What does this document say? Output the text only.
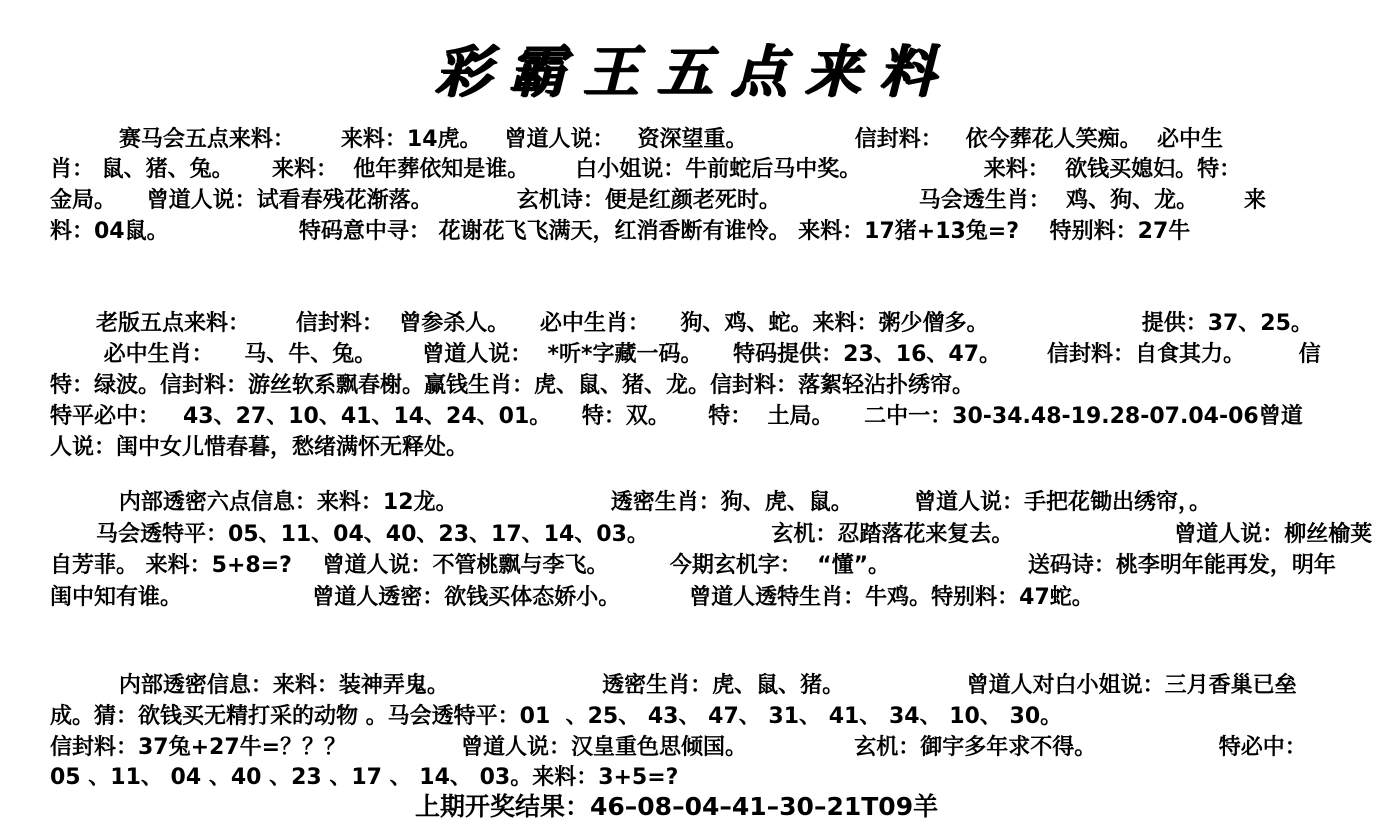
彩霸王五点来料
赛马会五点来料：      来料：14虎。   曾道人说：   资深望重。              信封料：   依今葬花人笑痴。  必中生
肖： 鼠、猪、兔。     来料：  他年葬依知是谁。      白小姐说：牛前蛇后马中奖。                来料：  欲钱买媳妇。特：
金局。    曾道人说：试看春残花渐落。           玄机诗：便是红颜老死时。                  马会透生肖：  鸡、狗、龙。      来
料：04鼠。                 特码意中寻： 花谢花飞飞满天，红消香断有谁怜。 来料：17猪+13兔=?    特别料：27牛
老版五点来料：      信封料：  曾参杀人。    必中生肖：    狗、鸡、蛇。来料：粥少僧多。                    提供：37、25。
必中生肖：    马、牛、兔。      曾道人说：  *听*字藏一码。    特码提供：23、16、47。      信封料：自食其力。       信
特：绿波。信封料：游丝软系飘春榭。赢钱生肖：虎、鼠、猪、龙。信封料：落絮轻沾扑绣帘。
特平必中：   43、27、10、41、14、24、01。    特：双。     特：  土局。    二中一：30-34.48-19.28-07.04-06曾道
人说：闺中女儿惜春暮，愁绪满怀无释处。
内部透密六点信息：来料：12龙。                    透密生肖：狗、虎、鼠。        曾道人说：手把花锄出绣帘，。
马会透特平：05、11、04、40、23、17、14、03。                玄机：忍踏落花来复去。                     曾道人说：柳丝榆荚
自芳菲。 来料：5+8=?    曾道人说：不管桃飘与李飞。        今期玄机字：  “懂”。                  送码诗：桃李明年能再发，明年
闺中知有谁。                 曾道人透密：欲钱买体态娇小。         曾道人透特生肖：牛鸡。特别料：47蛇。
内部透密信息：来料：装神弄鬼。                    透密生肖：虎、鼠、猪。                曾道人对白小姐说：三月香巢已垒
成。猜：欲钱买无精打采的动物 。马会透特平：01  、25、 43、 47、 31、 41、 34、 10、 30。
信封料：37兔+27牛=？？？               曾道人说：汉皇重色思倾国。              玄机：御宇多年求不得。                特必中：
05 、11、 04 、40 、23 、17 、 14、 03。来料：3+5=?
上期开奖结果：46–08–04–41–30–21T09羊
